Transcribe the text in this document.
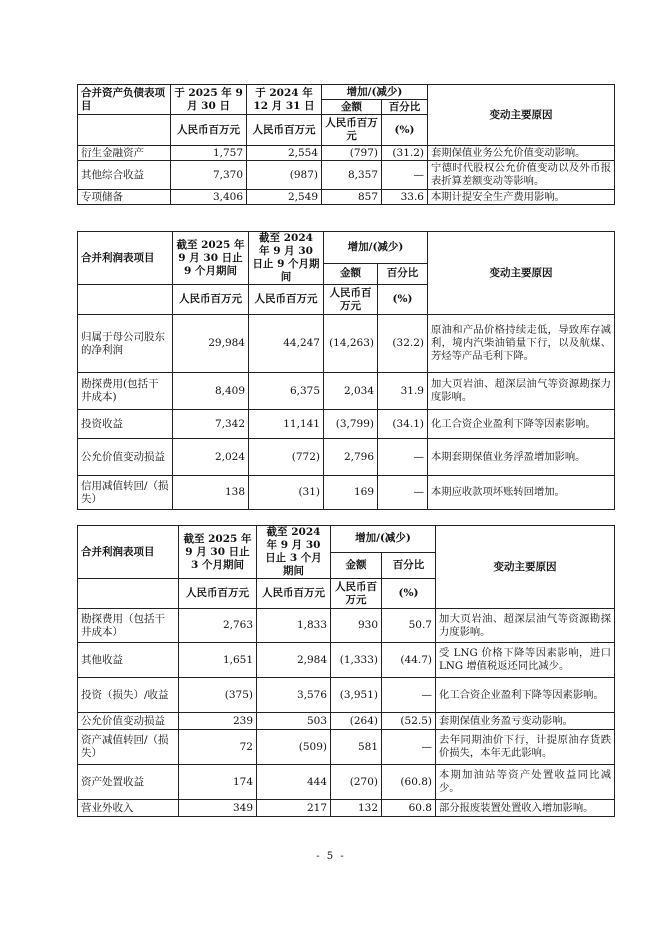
合并资产负债表项目	于 2025 年 9 月 30 日	于 2024 年 12 月 31 日	增加/(减少)		变动主要原因
			金额	百分比	
	人民币百万元	人民币百万元	人民币百万元	(%)	
衍生金融资产	1,757	2,554	(797)	(31.2)	套期保值业务公允价值变动影响。
其他综合收益	7,370	(987)	8,357	—	宁德时代股权公允价值变动以及外币报表折算差额变动等影响。
专项储备	3,406	2,549	857	33.6	本期计提安全生产费用影响。
合并利润表项目	截至 2025 年 9 月 30 日止 9 个月期间	截至 2024 年 9 月 30 日止 9 个月期间	增加/(减少)		变动主要原因
			金额	百分比	
	人民币百万元	人民币百万元	人民币百万元	(%)	
归属于母公司股东的净利润	29,984	44,247	(14,263)	(32.2)	原油和产品价格持续走低，导致库存减利，境内汽柴油销量下行，以及航煤、芳烃等产品毛利下降。
勘探费用(包括干井成本)	8,409	6,375	2,034	31.9	加大页岩油、超深层油气等资源勘探力度影响。
投资收益	7,342	11,141	(3,799)	(34.1)	化工合资企业盈利下降等因素影响。
公允价值变动损益	2,024	(772)	2,796	—	本期套期保值业务浮盈增加影响。
信用减值转回/（损失）	138	(31)	169	—	本期应收款项坏账转回增加。
合并利润表项目	截至 2025 年 9 月 30 日止 3 个月期间	截至 2024 年 9 月 30 日止 3 个月期间	增加/(减少)		变动主要原因
			金额	百分比	
	人民币百万元	人民币百万元	人民币百万元	(%)	
勘探费用（包括干井成本）	2,763	1,833	930	50.7	加大页岩油、超深层油气等资源勘探力度影响。
其他收益	1,651	2,984	(1,333)	(44.7)	受 LNG 价格下降等因素影响，进口 LNG 增值税返还同比减少。
投资（损失）/收益	(375)	3,576	(3,951)	—	化工合资企业盈利下降等因素影响。
公允价值变动损益	239	503	(264)	(52.5)	套期保值业务盈亏变动影响。
资产减值转回/（损失）	72	(509)	581	—	去年同期油价下行，计提原油存货跌价损失，本年无此影响。
资产处置收益	174	444	(270)	(60.8)	本期加油站等资产处置收益同比减少。
营业外收入	349	217	132	60.8	部分报废装置处置收入增加影响。
- 5 -
